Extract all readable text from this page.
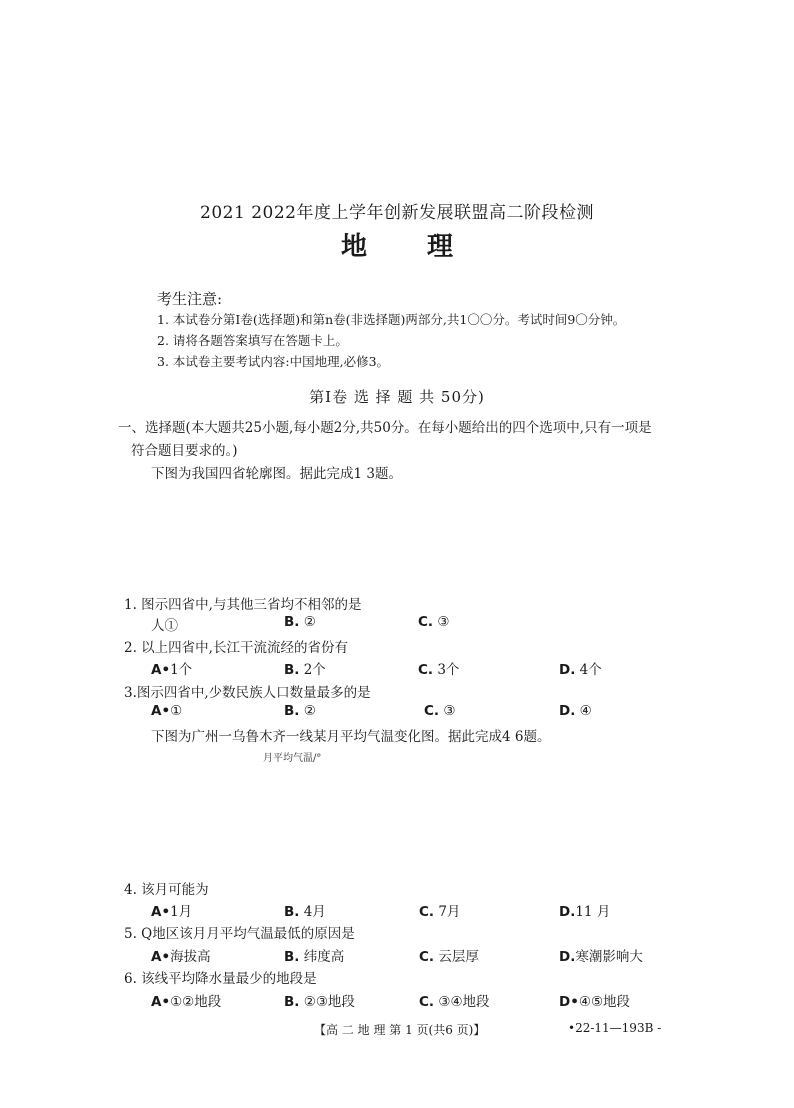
2021 2022年度上学年创新发展联盟高二阶段检测
地理
考生注意:
1. 本试卷分第Ⅰ卷(选择题)和第n卷(非选择题)两部分,共1〇〇分。考试时间9〇分钟。
2. 请将各题答案填写在答题卡上。
3. 本试卷主要考试内容:中国地理,必修3。
第Ⅰ卷 选 择 题 共 50分)
一、选择题(本大题共25小题,每小题2分,共50分。在每小题给出的四个选项中,只有一项是
符合题目要求的。)
下图为我国四省轮廓图。据此完成1 3题。
1. 图示四省中,与其他三省均不相邻的是
人①	B. ②	C. ③
2. 以上四省中,长江干流流经的省份有
A•1个	B. 2个	C. 3个	D. 4个
3.图示四省中,少数民族人口数量最多的是
A•①	B. ②	C. ③	D. ④
下图为广州一乌鲁木齐一线某月平均气温变化图。据此完成4 6题。
月平均气温/°
4. 该月可能为
A•1月	B. 4月	C. 7月	D.11 月
5. Q地区该月月平均气温最低的原因是
A•海拔高	B. 纬度高	C. 云层厚	D.寒潮影响大
6. 该线平均降水量最少的地段是
A•①②地段	B. ②③地段	C. ③④地段	D•④⑤地段
【高 二 地 理 第 1 页(共6 页)】	•22-11—193B -
